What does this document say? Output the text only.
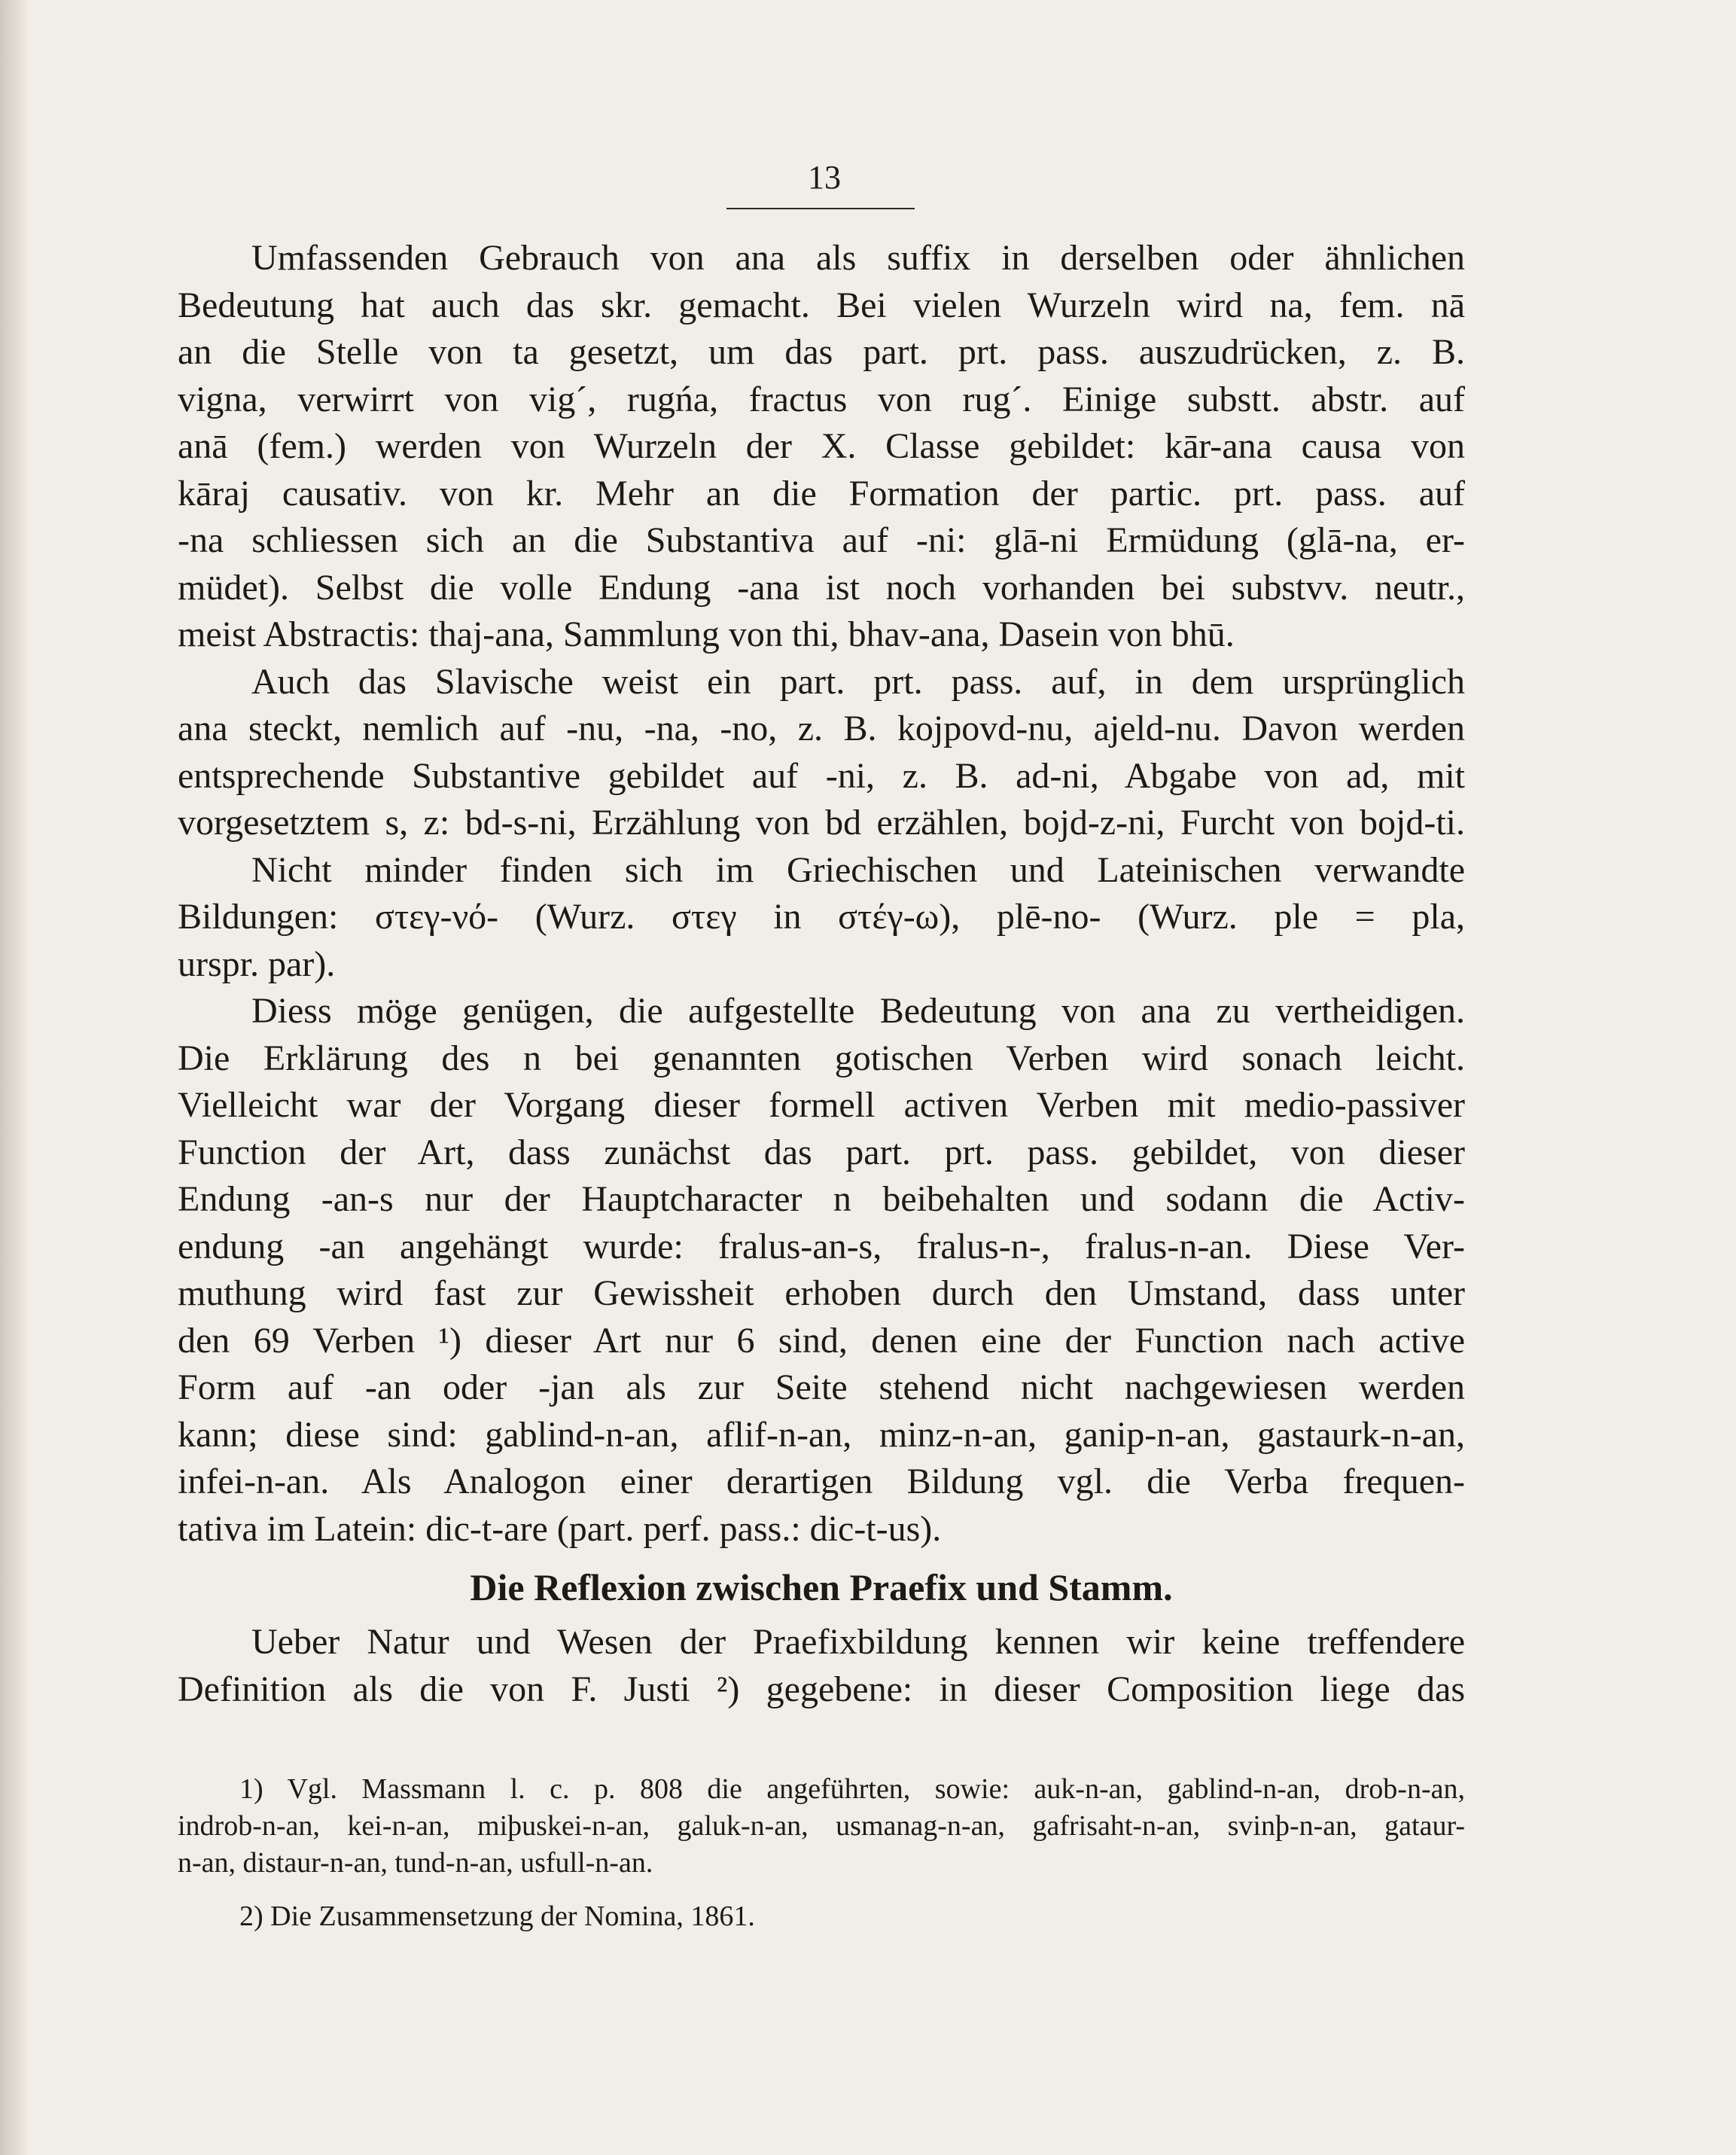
13
Umfassenden Gebrauch von ana als suffix in derselben oder ähnlichen
Bedeutung hat auch das skr. gemacht. Bei vielen Wurzeln wird na, fem. nā
an die Stelle von ta gesetzt, um das part. prt. pass. auszudrücken, z. B.
vigna, verwirrt von vig´, rugńa, fractus von rug´. Einige substt. abstr. auf
anā (fem.) werden von Wurzeln der X. Classe gebildet: kār-ana causa von
kāraj causativ. von kr. Mehr an die Formation der partic. prt. pass. auf
-na schliessen sich an die Substantiva auf -ni: glā-ni Ermüdung (glā-na, er-
müdet). Selbst die volle Endung -ana ist noch vorhanden bei substvv. neutr.,
meist Abstractis: thaj-ana, Sammlung von thi, bhav-ana, Dasein von bhū.
Auch das Slavische weist ein part. prt. pass. auf, in dem ursprünglich
ana steckt, nemlich auf -nu, -na, -no, z. B. kojpovd-nu, ajeld-nu. Davon werden
entsprechende Substantive gebildet auf -ni, z. B. ad-ni, Abgabe von ad, mit
vorgesetztem s, z: bd-s-ni, Erzählung von bd erzählen, bojd-z-ni, Furcht von bojd-ti.
Nicht minder finden sich im Griechischen und Lateinischen verwandte
Bildungen: στεγ-νό- (Wurz. στεγ in στέγ-ω), plē-no- (Wurz. ple = pla,
urspr. par).
Diess möge genügen, die aufgestellte Bedeutung von ana zu vertheidigen.
Die Erklärung des n bei genannten gotischen Verben wird sonach leicht.
Vielleicht war der Vorgang dieser formell activen Verben mit medio-passiver
Function der Art, dass zunächst das part. prt. pass. gebildet, von dieser
Endung -an-s nur der Hauptcharacter n beibehalten und sodann die Activ-
endung -an angehängt wurde: fralus-an-s, fralus-n-, fralus-n-an. Diese Ver-
muthung wird fast zur Gewissheit erhoben durch den Umstand, dass unter
den 69 Verben ¹) dieser Art nur 6 sind, denen eine der Function nach active
Form auf -an oder -jan als zur Seite stehend nicht nachgewiesen werden
kann; diese sind: gablind-n-an, aflif-n-an, minz-n-an, ganip-n-an, gastaurk-n-an,
infei-n-an. Als Analogon einer derartigen Bildung vgl. die Verba frequen-
tativa im Latein: dic-t-are (part. perf. pass.: dic-t-us).
Die Reflexion zwischen Praefix und Stamm.
Ueber Natur und Wesen der Praefixbildung kennen wir keine treffendere
Definition als die von F. Justi ²) gegebene: in dieser Composition liege das
1) Vgl. Massmann l. c. p. 808 die angeführten, sowie: auk-n-an, gablind-n-an, drob-n-an,
indrob-n-an, kei-n-an, miþuskei-n-an, galuk-n-an, usmanag-n-an, gafrisaht-n-an, svinþ-n-an, gataur-
n-an, distaur-n-an, tund-n-an, usfull-n-an.
2) Die Zusammensetzung der Nomina, 1861.
